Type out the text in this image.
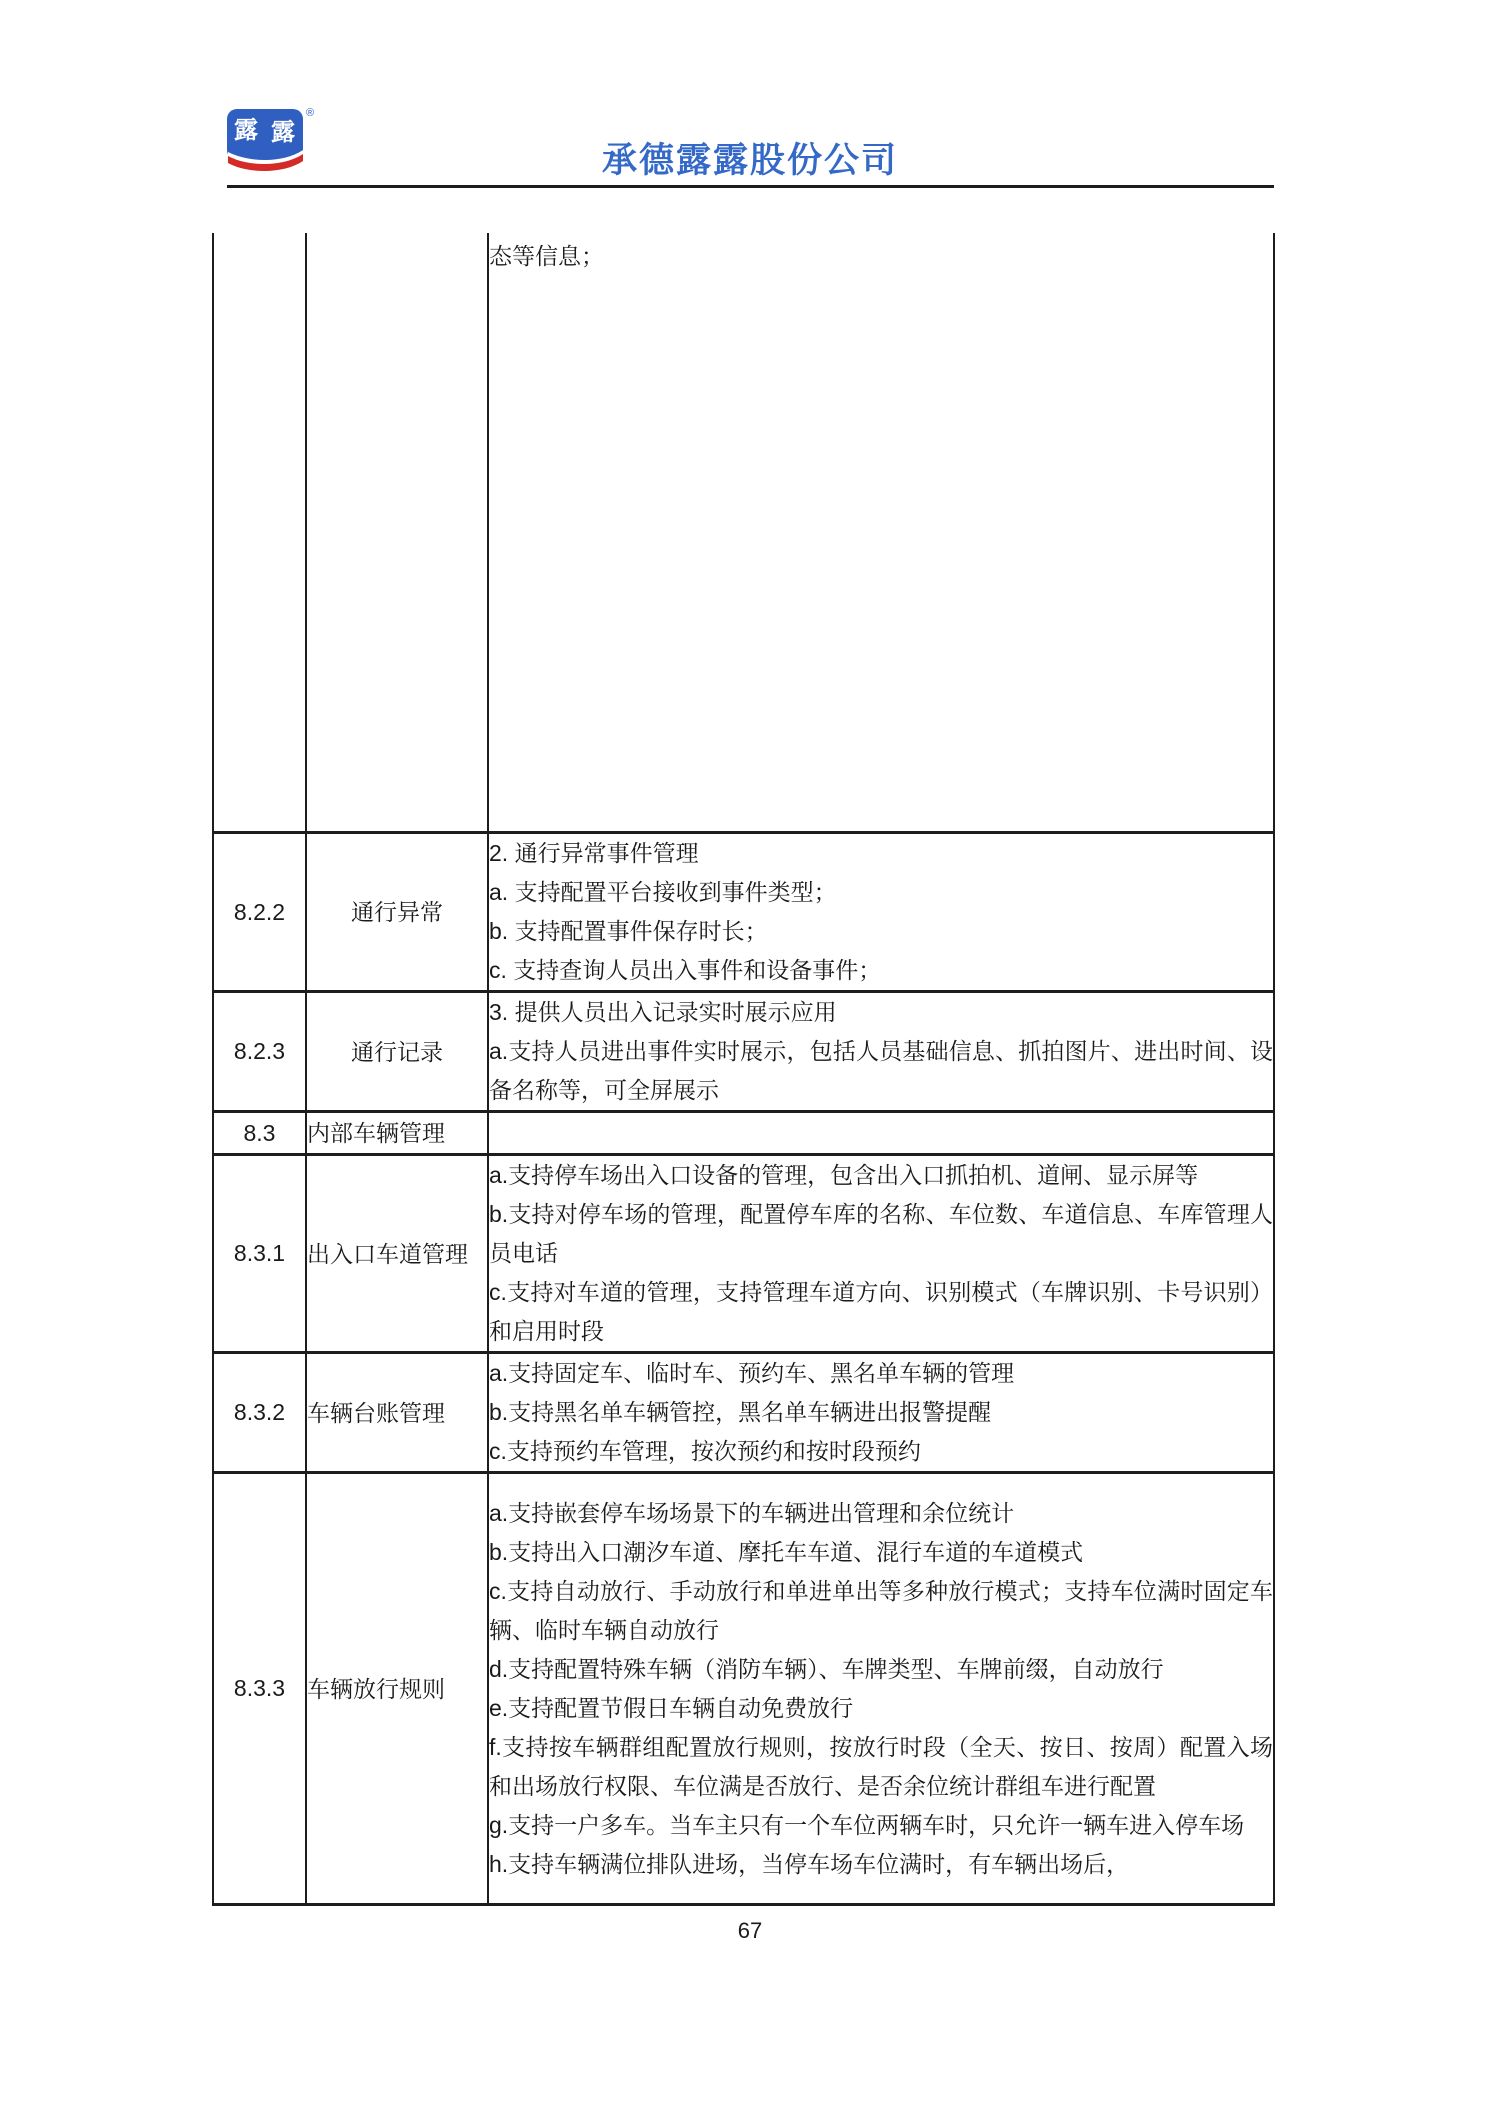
露 露
®
承德露露股份公司

		态等信息；

8.2.2	通行异常	2. 通行异常事件管理

a. 支持配置平台接收到事件类型；

b. 支持配置事件保存时长；

c. 支持查询人员出入事件和设备事件；

8.2.3	通行记录	3. 提供人员出入记录实时展示应用

a.支持人员进出事件实时展示，包括人员基础信息、抓拍图片、进出时间、设备名称等，可全屏展示

8.3	内部车辆管理	
8.3.1	出入口车道管理	a.支持停车场出入口设备的管理，包含出入口抓拍机、道闸、显示屏等

b.支持对停车场的管理，配置停车库的名称、车位数、车道信息、车库管理人员电话

c.支持对车道的管理，支持管理车道方向、识别模式（车牌识别、卡号识别）和启用时段

8.3.2	车辆台账管理	a.支持固定车、临时车、预约车、黑名单车辆的管理

b.支持黑名单车辆管控，黑名单车辆进出报警提醒

c.支持预约车管理，按次预约和按时段预约

8.3.3	车辆放行规则	

a.支持嵌套停车场场景下的车辆进出管理和余位统计

b.支持出入口潮汐车道、摩托车车道、混行车道的车道模式

c.支持自动放行、手动放行和单进单出等多种放行模式；支持车位满时固定车辆、临时车辆自动放行

d.支持配置特殊车辆（消防车辆）、车牌类型、车牌前缀，自动放行

e.支持配置节假日车辆自动免费放行

f.支持按车辆群组配置放行规则，按放行时段（全天、按日、按周）配置入场和出场放行权限、车位满是否放行、是否余位统计群组车进行配置

g.支持一户多车。当车主只有一个车位两辆车时，只允许一辆车进入停车场

h.支持车辆满位排队进场，当停车场车位满时，有车辆出场后，

67
